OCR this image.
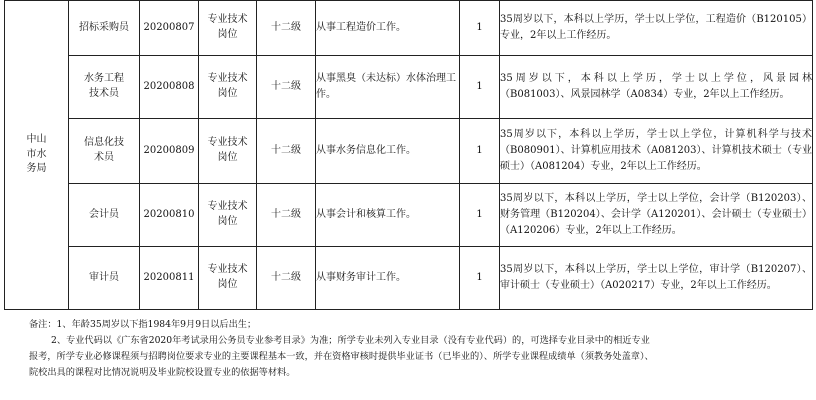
中山市水务局	招标采购员	20200807	专业技术岗位	十二级	从事工程造价工作。	1	35周岁以下，本科以上学历，学士以上学位，工程造价（B120105）专业，2年以上工作经历。
	水务工程技术员	20200808	专业技术岗位	十二级	从事黑臭（未达标）水体治理工作。	1	35周岁以下，本科以上学历，学士以上学位，风景园林（B081003）、风景园林学（A0834）专业，2年以上工作经历。
	信息化技术员	20200809	专业技术岗位	十二级	从事水务信息化工作。	1	35周岁以下，本科以上学历，学士以上学位，计算机科学与技术（B080901）、计算机应用技术（A081203）、计算机技术硕士（专业硕士）（A081204）专业，2年以上工作经历。
	会计员	20200810	专业技术岗位	十二级	从事会计和核算工作。	1	35周岁以下，本科以上学历，学士以上学位，会计学（B120203）、财务管理（B120204）、会计学（A120201）、会计硕士（专业硕士）（A120206）专业，2年以上工作经历。
	审计员	20200811	专业技术岗位	十二级	从事财务审计工作。	1	35周岁以下，本科以上学历，学士以上学位，审计学（B120207）、审计硕士（专业硕士）（A020217）专业，2年以上工作经历。
备注：1、年龄35周岁以下指1984年9月9日以后出生；
2、专业代码以《广东省2020年考试录用公务员专业参考目录》为准；所学专业未列入专业目录（没有专业代码）的，可选择专业目录中的相近专业
报考，所学专业必修课程须与招聘岗位要求专业的主要课程基本一致，并在资格审核时提供毕业证书（已毕业的）、所学专业课程成绩单（须教务处盖章）、
院校出具的课程对比情况说明及毕业院校设置专业的依据等材料。
